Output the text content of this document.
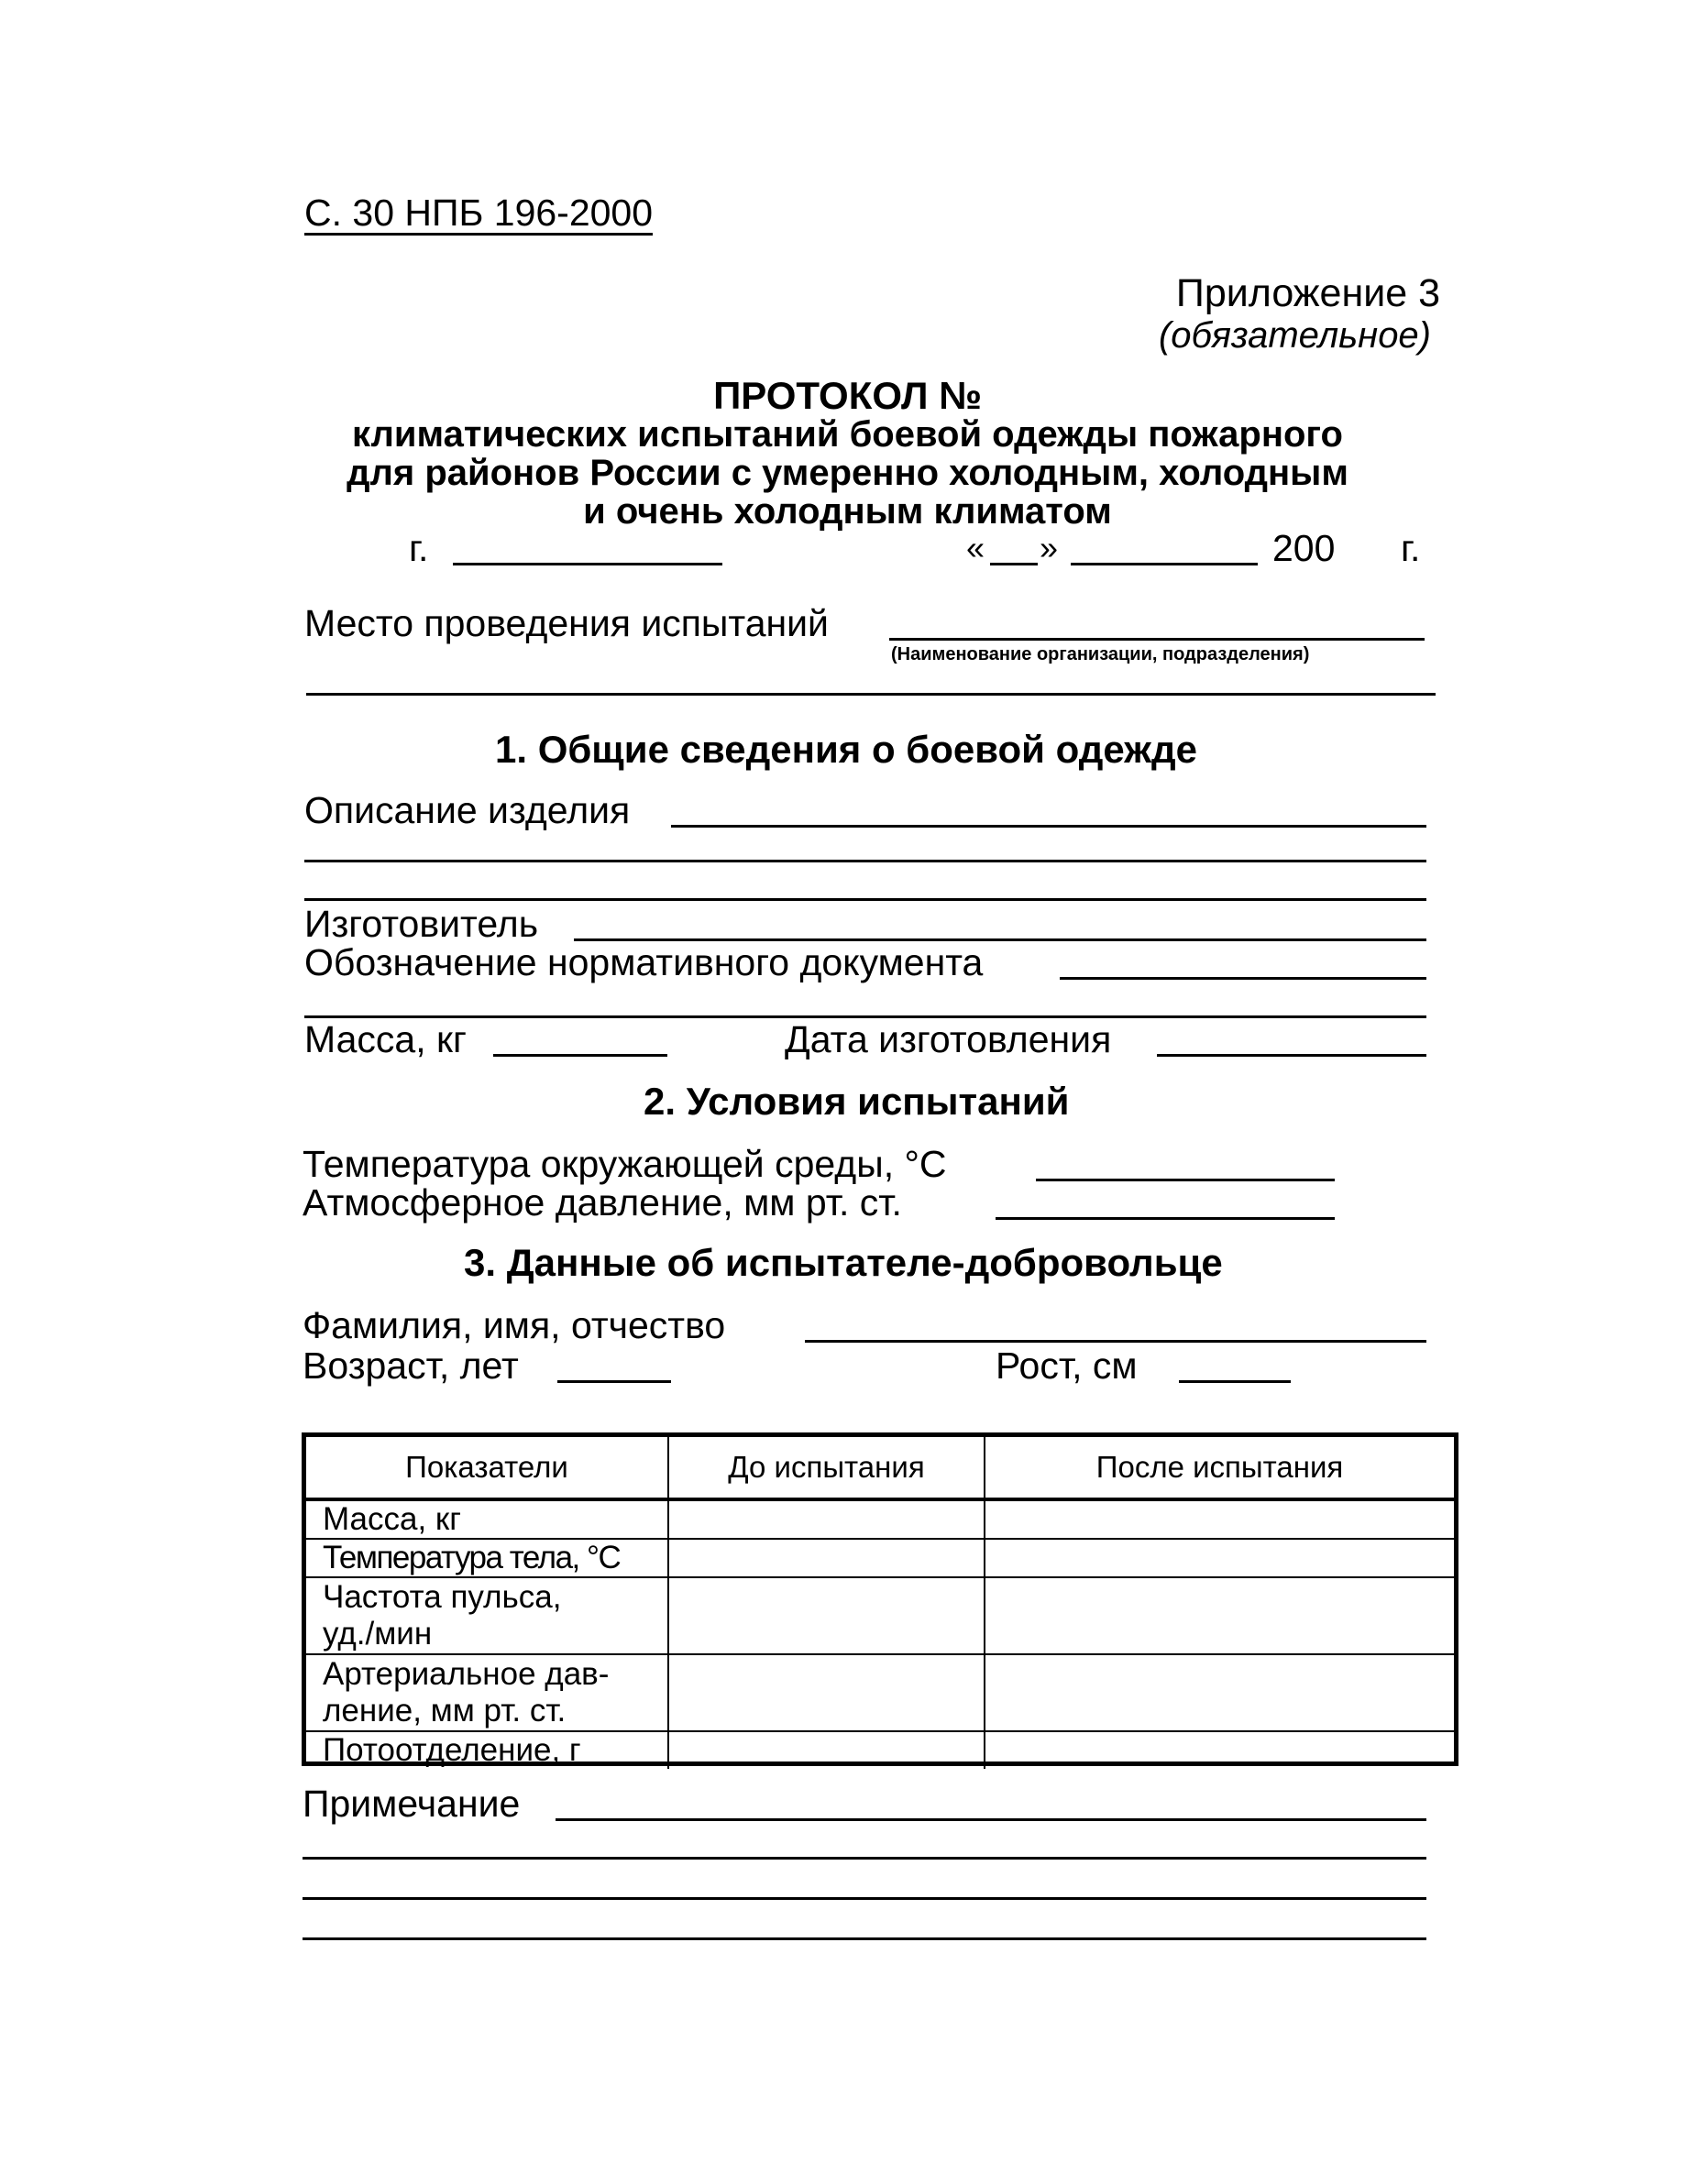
С. 30 НПБ 196-2000
Приложение 3
(обязательное)
ПРОТОКОЛ №
климатических испытаний боевой одежды пожарного
для районов России с умеренно холодным, холодным
и очень холодным климатом
г.	« »	200 г.
Место проведения испытаний
(Наименование организации, подразделения)
1. Общие сведения о боевой одежде
Описание изделия
Изготовитель
Обозначение нормативного документа
Масса, кг	Дата изготовления
2. Условия испытаний
Температура окружающей среды, °С
Атмосферное давление, мм рт. ст.
3. Данные об испытателе-добровольце
Фамилия, имя, отчество
Возраст, лет	Рост, см
Показатели	До испытания	После испытания
Масса, кг		
Температура тела, °С		

Частота пульса,
уд./мин		

Артериальное дав-
ление, мм рт. ст.		

Потоотделение, г		
Примечание
